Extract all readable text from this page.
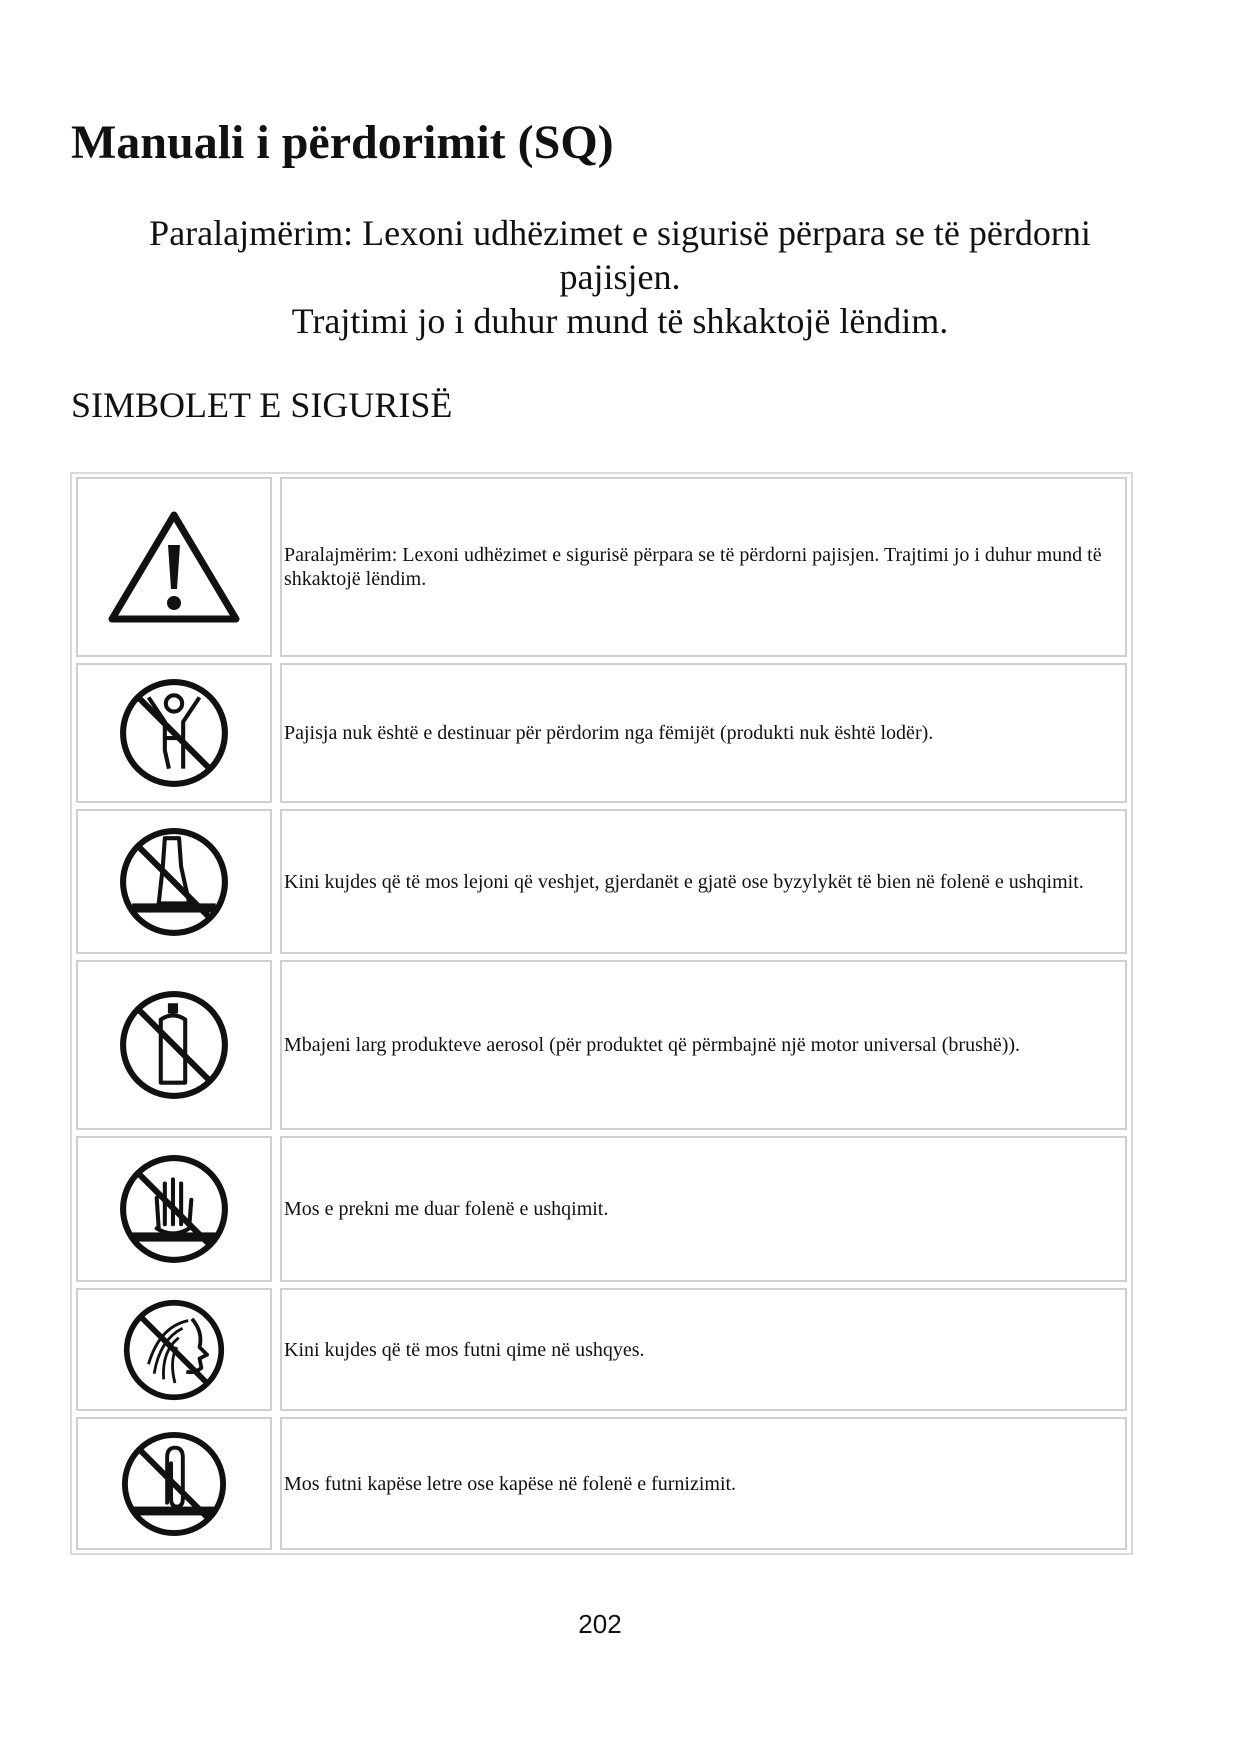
Manuali i përdorimit (SQ)
Paralajmërim: Lexoni udhëzimet e sigurisë përpara se të përdorni
pajisjen.
Trajtimi jo i duhur mund të shkaktojë lëndim.
SIMBOLET E SIGURISË
Paralajmërim: Lexoni udhëzimet e sigurisë përpara se të përdorni pajisjen. Trajtimi jo i duhur mund të shkaktojë lëndim.
Pajisja nuk është e destinuar për përdorim nga fëmijët (produkti nuk është lodër).
Kini kujdes që të mos lejoni që veshjet, gjerdanët e gjatë ose byzylykët të bien në folenë e ushqimit.
Mbajeni larg produkteve aerosol (për produktet që përmbajnë një motor universal (brushë)).
Mos e prekni me duar folenë e ushqimit.
Kini kujdes që të mos futni qime në ushqyes.
Mos futni kapëse letre ose kapëse në folenë e furnizimit.
202
